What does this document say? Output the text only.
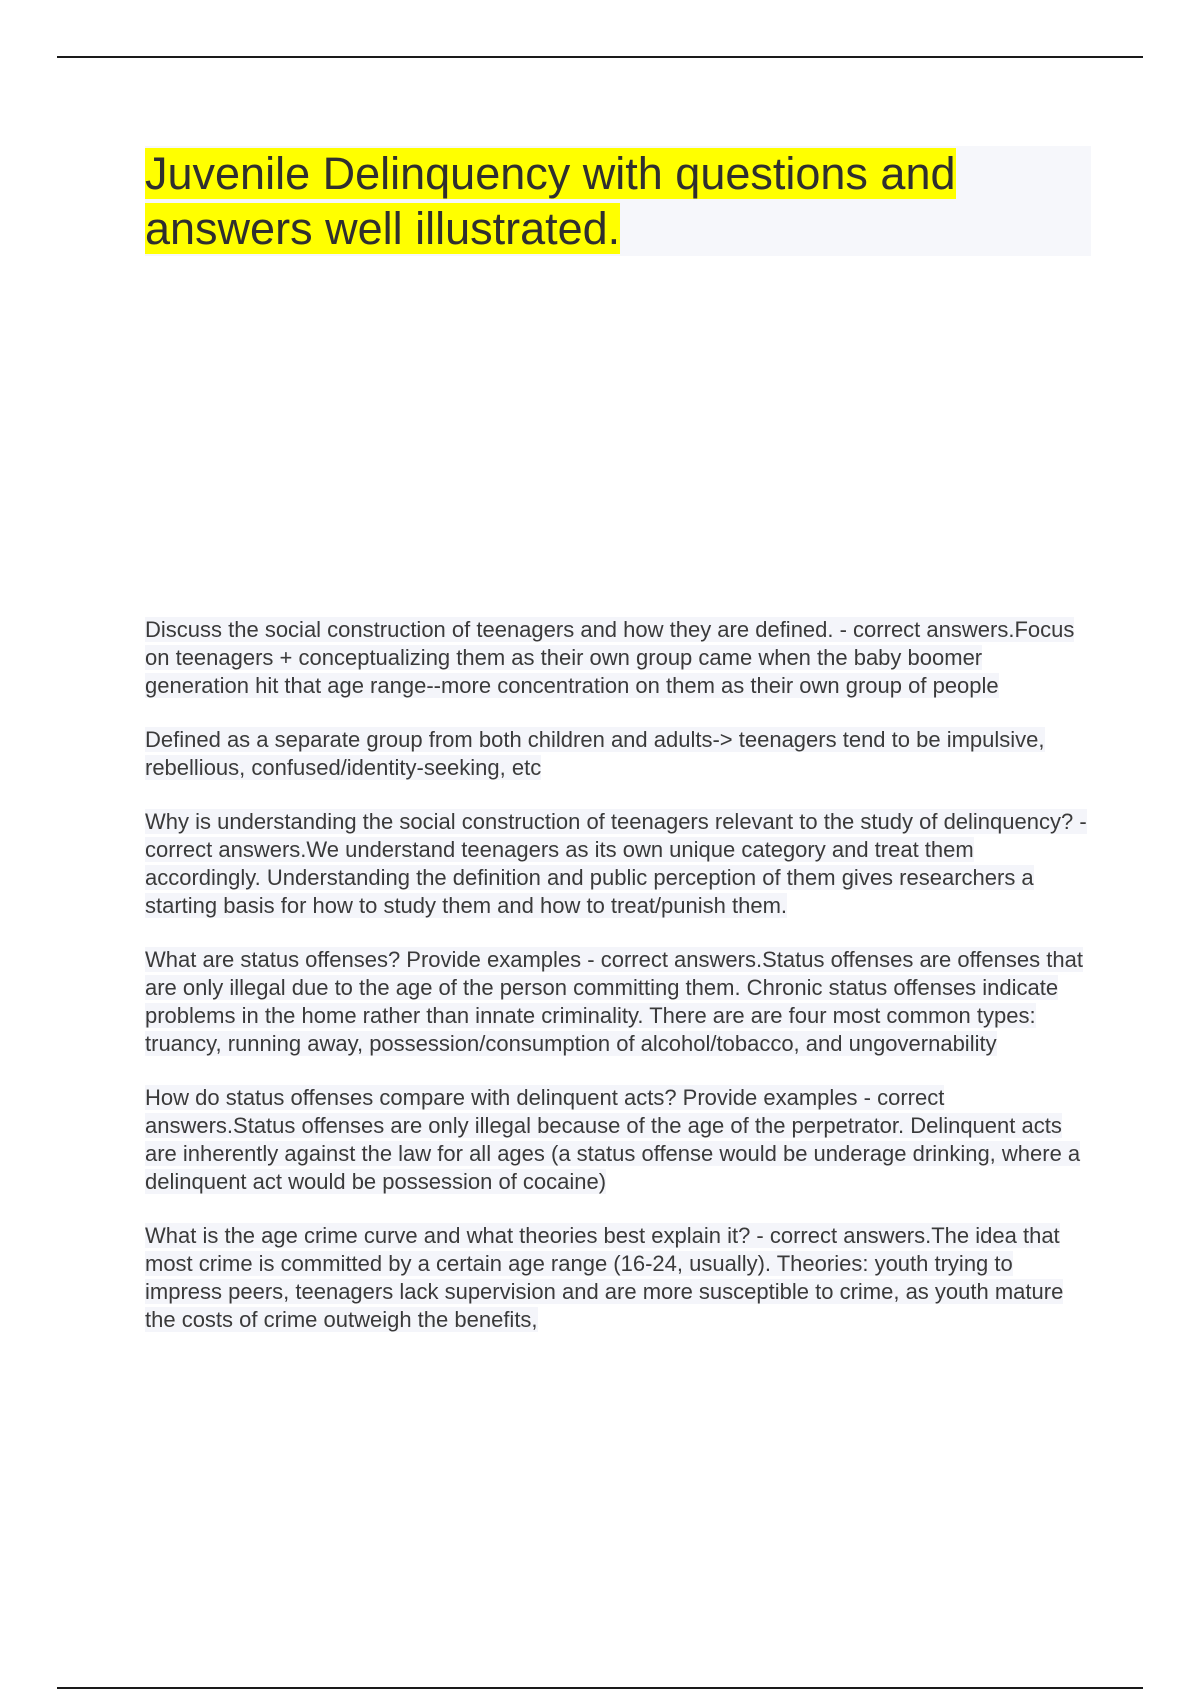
Juvenile Delinquency with questions and answers well illustrated.

Discuss the social construction of teenagers and how they are defined. - correct answers.Focus on teenagers + conceptualizing them as their own group came when the baby boomer generation hit that age range--more concentration on them as their own group of people

Defined as a separate group from both children and adults-> teenagers tend to be impulsive, rebellious, confused/identity-seeking, etc

Why is understanding the social construction of teenagers relevant to the study of delinquency? - correct answers.We understand teenagers as its own unique category and treat them accordingly. Understanding the definition and public perception of them gives researchers a starting basis for how to study them and how to treat/punish them.

What are status offenses? Provide examples - correct answers.Status offenses are offenses that are only illegal due to the age of the person committing them. Chronic status offenses indicate problems in the home rather than innate criminality. There are are four most common types: truancy, running away, possession/consumption of alcohol/tobacco, and ungovernability

How do status offenses compare with delinquent acts? Provide examples - correct answers.Status offenses are only illegal because of the age of the perpetrator. Delinquent acts are inherently against the law for all ages (a status offense would be underage drinking, where a delinquent act would be possession of cocaine)

What is the age crime curve and what theories best explain it? - correct answers.The idea that most crime is committed by a certain age range (16-24, usually). Theories: youth trying to impress peers, teenagers lack supervision and are more susceptible to crime, as youth mature the costs of crime outweigh the benefits,
